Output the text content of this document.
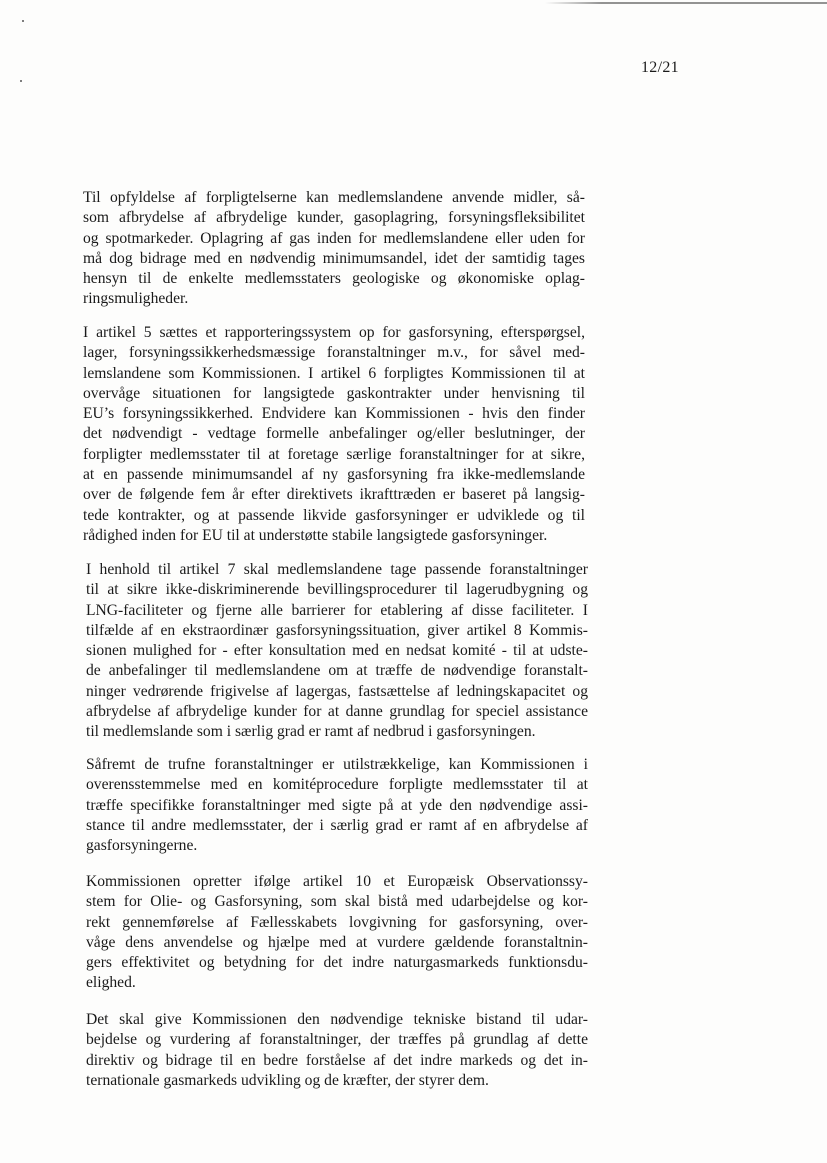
12/21

Til opfyldelse af forpligtelserne kan medlemslandene anvende midler, så-
som afbrydelse af afbrydelige kunder, gasoplagring, forsyningsfleksibilitet
og spotmarkeder. Oplagring af gas inden for medlemslandene eller uden for
må dog bidrage med en nødvendig minimumsandel, idet der samtidig tages
hensyn til de enkelte medlemsstaters geologiske og økonomiske oplag-
ringsmuligheder.

I artikel 5 sættes et rapporteringssystem op for gasforsyning, efterspørgsel,
lager, forsyningssikkerhedsmæssige foranstaltninger m.v., for såvel med-
lemslandene som Kommissionen. I artikel 6 forpligtes Kommissionen til at
overvåge situationen for langsigtede gaskontrakter under henvisning til
EU’s forsyningssikkerhed. Endvidere kan Kommissionen - hvis den finder
det nødvendigt - vedtage formelle anbefalinger og/eller beslutninger, der
forpligter medlemsstater til at foretage særlige foranstaltninger for at sikre,
at en passende minimumsandel af ny gasforsyning fra ikke-medlemslande
over de følgende fem år efter direktivets ikrafttræden er baseret på langsig-
tede kontrakter, og at passende likvide gasforsyninger er udviklede og til
rådighed inden for EU til at understøtte stabile langsigtede gasforsyninger.

I henhold til artikel 7 skal medlemslandene tage passende foranstaltninger
til at sikre ikke-diskriminerende bevillingsprocedurer til lagerudbygning og
LNG-faciliteter og fjerne alle barrierer for etablering af disse faciliteter. I
tilfælde af en ekstraordinær gasforsyningssituation, giver artikel 8 Kommis-
sionen mulighed for - efter konsultation med en nedsat komité - til at udste-
de anbefalinger til medlemslandene om at træffe de nødvendige foranstalt-
ninger vedrørende frigivelse af lagergas, fastsættelse af ledningskapacitet og
afbrydelse af afbrydelige kunder for at danne grundlag for speciel assistance
til medlemslande som i særlig grad er ramt af nedbrud i gasforsyningen.

Såfremt de trufne foranstaltninger er utilstrækkelige, kan Kommissionen i
overensstemmelse med en komitéprocedure forpligte medlemsstater til at
træffe specifikke foranstaltninger med sigte på at yde den nødvendige assi-
stance til andre medlemsstater, der i særlig grad er ramt af en afbrydelse af
gasforsyningerne.

Kommissionen opretter ifølge artikel 10 et Europæisk Observationssy-
stem for Olie- og Gasforsyning, som skal bistå med udarbejdelse og kor-
rekt gennemførelse af Fællesskabets lovgivning for gasforsyning, over-
våge dens anvendelse og hjælpe med at vurdere gældende foranstaltnin-
gers effektivitet og betydning for det indre naturgasmarkeds funktionsdu-
elighed.

Det skal give Kommissionen den nødvendige tekniske bistand til udar-
bejdelse og vurdering af foranstaltninger, der træffes på grundlag af dette
direktiv og bidrage til en bedre forståelse af det indre markeds og det in-
ternationale gasmarkeds udvikling og de kræfter, der styrer dem.
